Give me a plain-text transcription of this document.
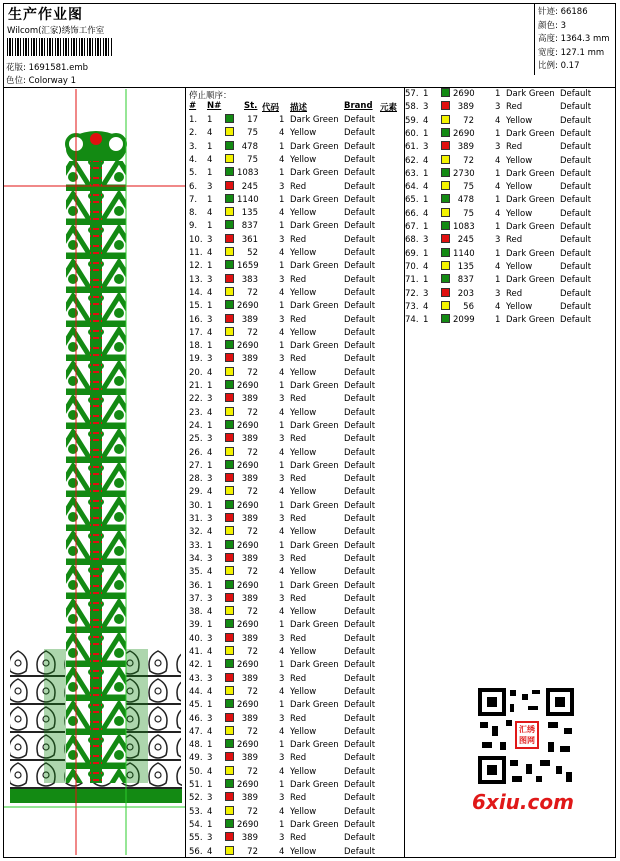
生产作业图
Wilcom(汇家)绣饰工作室
花版: 1691581.emb
色位: Colorway 1
针迹: 66186
颜色: 3
高度: 1364.3 mm
宽度: 127.1 mm
比例: 0.17
停止顺序：
# N#	St. 代码 描述	Brand 元素
1. 1	17 1 Dark Green Default
2. 4	75 4 Yellow	Default
3. 1	478 1 Dark Green Default
4. 4	75 4 Yellow	Default
5. 1	1083 1 Dark Green Default
6. 3	245 3 Red	Default
7. 1	1140 1 Dark Green Default
8. 4	135 4 Yellow	Default
9. 1	837 1 Dark Green Default
10. 3	361 3 Red	Default
11. 4	52 4 Yellow	Default
12. 1	1659 1 Dark Green Default
13. 3	383 3 Red	Default
14. 4	72 4 Yellow	Default
15. 1	2690 1 Dark Green Default
16. 3	389 3 Red	Default
17. 4	72 4 Yellow	Default
18. 1	2690 1 Dark Green Default
19. 3	389 3 Red	Default
20. 4	72 4 Yellow	Default
21. 1	2690 1 Dark Green Default
22. 3	389 3 Red	Default
23. 4	72 4 Yellow	Default
24. 1	2690 1 Dark Green Default
25. 3	389 3 Red	Default
26. 4	72 4 Yellow	Default
27. 1	2690 1 Dark Green Default
28. 3	389 3 Red	Default
29. 4	72 4 Yellow	Default
30. 1	2690 1 Dark Green Default
31. 3	389 3 Red	Default
32. 4	72 4 Yellow	Default
33. 1	2690 1 Dark Green Default
34. 3	389 3 Red	Default
35. 4	72 4 Yellow	Default
36. 1	2690 1 Dark Green Default
37. 3	389 3 Red	Default
38. 4	72 4 Yellow	Default
39. 1	2690 1 Dark Green Default
40. 3	389 3 Red	Default
41. 4	72 4 Yellow	Default
42. 1	2690 1 Dark Green Default
43. 3	389 3 Red	Default
44. 4	72 4 Yellow	Default
45. 1	2690 1 Dark Green Default
46. 3	389 3 Red	Default
47. 4	72 4 Yellow	Default
48. 1	2690 1 Dark Green Default
49. 3	389 3 Red	Default
50. 4	72 4 Yellow	Default
51. 1	2690 1 Dark Green Default
52. 3	389 3 Red	Default
53. 4	72 4 Yellow	Default
54. 1	2690 1 Dark Green Default
55. 3	389 3 Red	Default
56. 4	72 4 Yellow	Default
57. 1	2690 1 Dark Green Default
58. 3	389 3 Red	Default
59. 4	72 4 Yellow	Default
60. 1	2690 1 Dark Green Default
61. 3	389 3 Red	Default
62. 4	72 4 Yellow	Default
63. 1	2730 1 Dark Green Default
64. 4	75 4 Yellow	Default
65. 1	478 1 Dark Green Default
66. 4	75 4 Yellow	Default
67. 1	1083 1 Dark Green Default
68. 3	245 3 Red	Default
69. 1	1140 1 Dark Green Default
70. 4	135 4 Yellow	Default
71. 1	837 1 Dark Green Default
72. 3	203 3 Red	Default
73. 4	56 4 Yellow	Default
74. 1	2099 1 Dark Green Default
汇绣图网
6xiu.com
